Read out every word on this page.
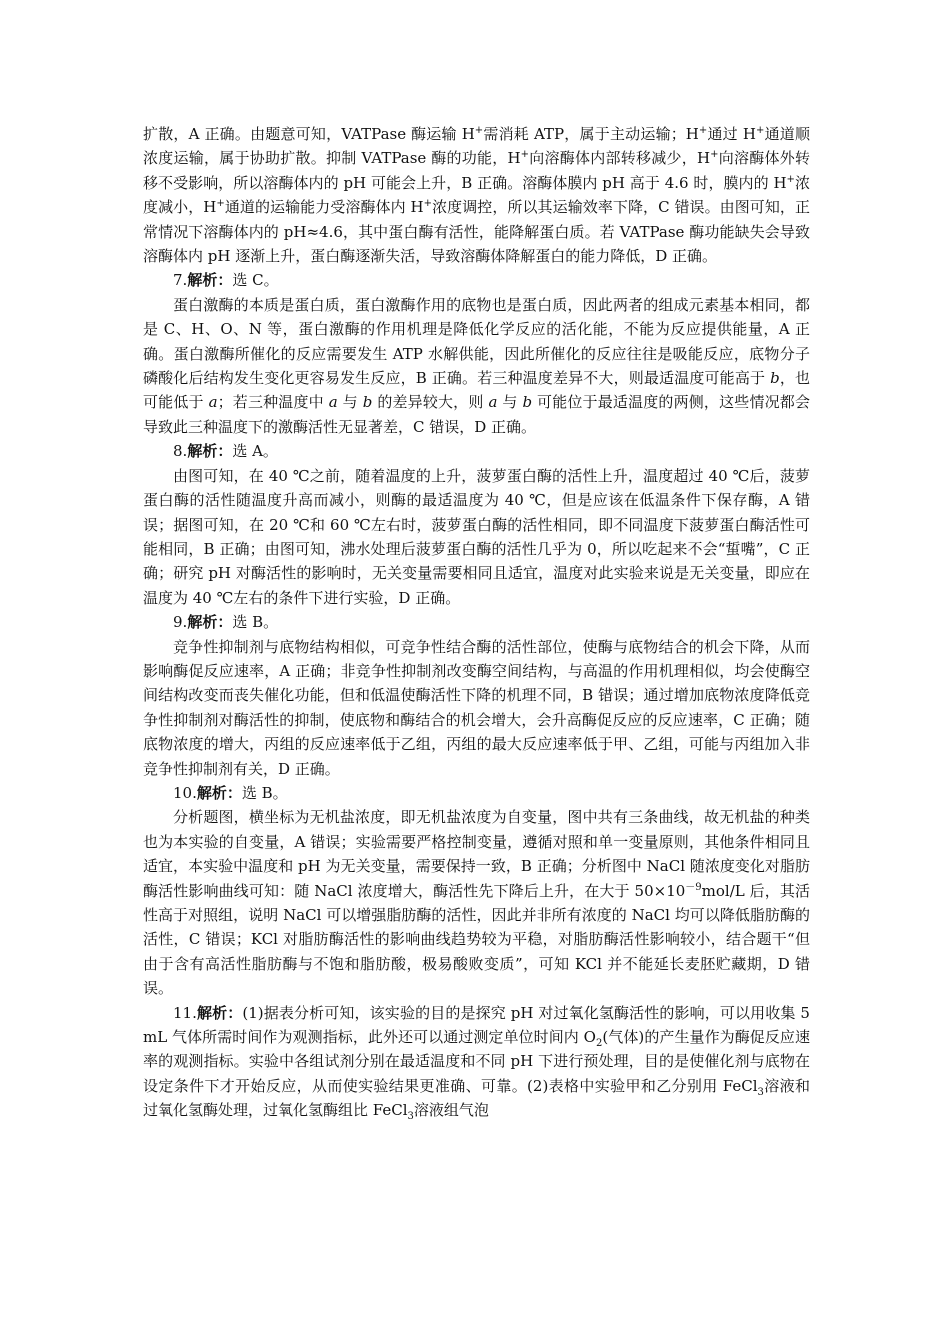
扩散，A 正确。由题意可知，VATPase 酶运输 H+需消耗 ATP，属于主动运输；H+通过 H+通道顺浓度运输，属于协助扩散。抑制 VATPase 酶的功能，H+向溶酶体内部转移减少，H+向溶酶体外转移不受影响，所以溶酶体内的 pH 可能会上升，B 正确。溶酶体膜内 pH 高于 4.6 时，膜内的 H+浓度减小，H+通道的运输能力受溶酶体内 H+浓度调控，所以其运输效率下降，C 错误。由图可知，正常情况下溶酶体内的 pH≈4.6，其中蛋白酶有活性，能降解蛋白质。若 VATPase 酶功能缺失会导致溶酶体内 pH 逐渐上升，蛋白酶逐渐失活，导致溶酶体降解蛋白的能力降低，D 正确。

7.解析：选 C。

蛋白激酶的本质是蛋白质，蛋白激酶作用的底物也是蛋白质，因此两者的组成元素基本相同，都是 C、H、O、N 等，蛋白激酶的作用机理是降低化学反应的活化能，不能为反应提供能量，A 正确。蛋白激酶所催化的反应需要发生 ATP 水解供能，因此所催化的反应往往是吸能反应，底物分子磷酸化后结构发生变化更容易发生反应，B 正确。若三种温度差异不大，则最适温度可能高于 b，也可能低于 a；若三种温度中 a 与 b 的差异较大，则 a 与 b 可能位于最适温度的两侧，这些情况都会导致此三种温度下的激酶活性无显著差，C 错误，D 正确。

8.解析：选 A。

由图可知，在 40 ℃之前，随着温度的上升，菠萝蛋白酶的活性上升，温度超过 40 ℃后，菠萝蛋白酶的活性随温度升高而减小，则酶的最适温度为 40 ℃，但是应该在低温条件下保存酶，A 错误；据图可知，在 20 ℃和 60 ℃左右时，菠萝蛋白酶的活性相同，即不同温度下菠萝蛋白酶活性可能相同，B 正确；由图可知，沸水处理后菠萝蛋白酶的活性几乎为 0，所以吃起来不会“蜇嘴”，C 正确；研究 pH 对酶活性的影响时，无关变量需要相同且适宜，温度对此实验来说是无关变量，即应在温度为 40 ℃左右的条件下进行实验，D 正确。

9.解析：选 B。

竞争性抑制剂与底物结构相似，可竞争性结合酶的活性部位，使酶与底物结合的机会下降，从而影响酶促反应速率，A 正确；非竞争性抑制剂改变酶空间结构，与高温的作用机理相似，均会使酶空间结构改变而丧失催化功能，但和低温使酶活性下降的机理不同，B 错误；通过增加底物浓度降低竞争性抑制剂对酶活性的抑制，使底物和酶结合的机会增大，会升高酶促反应的反应速率，C 正确；随底物浓度的增大，丙组的反应速率低于乙组，丙组的最大反应速率低于甲、乙组，可能与丙组加入非竞争性抑制剂有关，D 正确。

10.解析：选 B。

分析题图，横坐标为无机盐浓度，即无机盐浓度为自变量，图中共有三条曲线，故无机盐的种类也为本实验的自变量，A 错误；实验需要严格控制变量，遵循对照和单一变量原则，其他条件相同且适宜，本实验中温度和 pH 为无关变量，需要保持一致，B 正确；分析图中 NaCl 随浓度变化对脂肪酶活性影响曲线可知：随 NaCl 浓度增大，酶活性先下降后上升，在大于 $50\times 10^{-9}mol/L$ 后，其活性高于对照组，说明 NaCl 可以增强脂肪酶的活性，因此并非所有浓度的 NaCl 均可以降低脂肪酶的活性，C 错误；KCl 对脂肪酶活性的影响曲线趋势较为平稳，对脂肪酶活性影响较小，结合题干“但由于含有高活性脂肪酶与不饱和脂肪酸，极易酸败变质”，可知 KCl 并不能延长麦胚贮藏期，D 错误。

11.解析：(1)据表分析可知，该实验的目的是探究 pH 对过氧化氢酶活性的影响，可以用收集 5 mL 气体所需时间作为观测指标，此外还可以通过测定单位时间内 $O_2$(气体)的产生量作为酶促反应速率的观测指标。实验中各组试剂分别在最适温度和不同 pH 下进行预处理，目的是使催化剂与底物在设定条件下才开始反应，从而使实验结果更准确、可靠。(2)表格中实验甲和乙分别用 FeCl$_3$溶液和过氧化氢酶处理，过氧化氢酶组比 FeCl$_3$溶液组气泡
